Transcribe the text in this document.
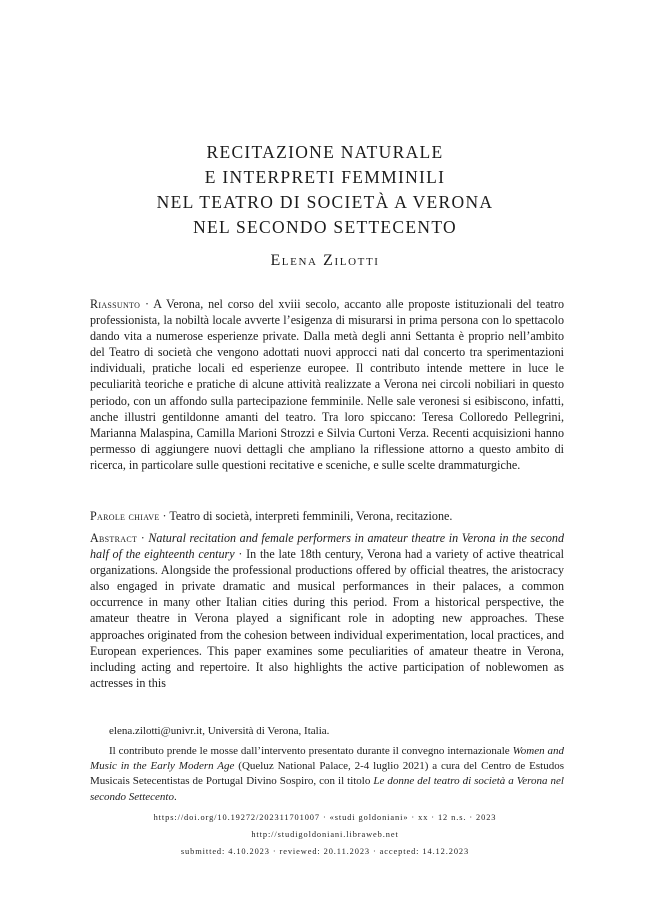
RECITAZIONE NATURALE
E INTERPRETI FEMMINILI
NEL TEATRO DI SOCIETÀ A VERONA
NEL SECONDO SETTECENTO
Elena Zilotti
Riassunto · A Verona, nel corso del xviii secolo, accanto alle proposte istituzionali del teatro professionista, la nobiltà locale avverte l’esigenza di misurarsi in prima persona con lo spettacolo dando vita a numerose esperienze private. Dalla metà degli anni Settanta è proprio nell’ambito del Teatro di società che vengono adottati nuovi approcci nati dal concerto tra sperimentazioni individuali, pratiche locali ed esperienze europee. Il contributo intende mettere in luce le peculiarità teoriche e pratiche di alcune attività realizzate a Verona nei circoli nobiliari in questo periodo, con un affondo sulla partecipazione femminile. Nelle sale veronesi si esibiscono, infatti, anche illustri gentildonne amanti del teatro. Tra loro spiccano: Teresa Colloredo Pellegrini, Marianna Malaspina, Camilla Marioni Strozzi e Silvia Curtoni Verza. Recenti acquisizioni hanno permesso di aggiungere nuovi dettagli che ampliano la riflessione attorno a questo ambito di ricerca, in particolare sulle questioni recitative e sceniche, e sulle scelte drammaturgiche.
Parole chiave · Teatro di società, interpreti femminili, Verona, recitazione.
Abstract · Natural recitation and female performers in amateur theatre in Verona in the second half of the eighteenth century · In the late 18th century, Verona had a variety of active theatrical organizations. Alongside the professional productions offered by official theatres, the aristocracy also engaged in private dramatic and musical performances in their palaces, a common occurrence in many other Italian cities during this period. From a historical perspective, the amateur theatre in Verona played a significant role in adopting new approaches. These approaches originated from the cohesion between individual experimentation, local practices, and European experiences. This paper examines some peculiarities of amateur theatre in Verona, including acting and repertoire. It also highlights the active participation of noblewomen as actresses in this
elena.zilotti@univr.it, Università di Verona, Italia.
Il contributo prende le mosse dall’intervento presentato durante il convegno internazionale Women and Music in the Early Modern Age (Queluz National Palace, 2-4 luglio 2021) a cura del Centro de Estudos Musicais Setecentistas de Portugal Divino Sospiro, con il titolo Le donne del teatro di società a Verona nel secondo Settecento.
https://doi.org/10.19272/202311701007 · «studi goldoniani» · xx · 12 n.s. · 2023
http://studigoldoniani.libraweb.net
submitted: 4.10.2023 · reviewed: 20.11.2023 · accepted: 14.12.2023
